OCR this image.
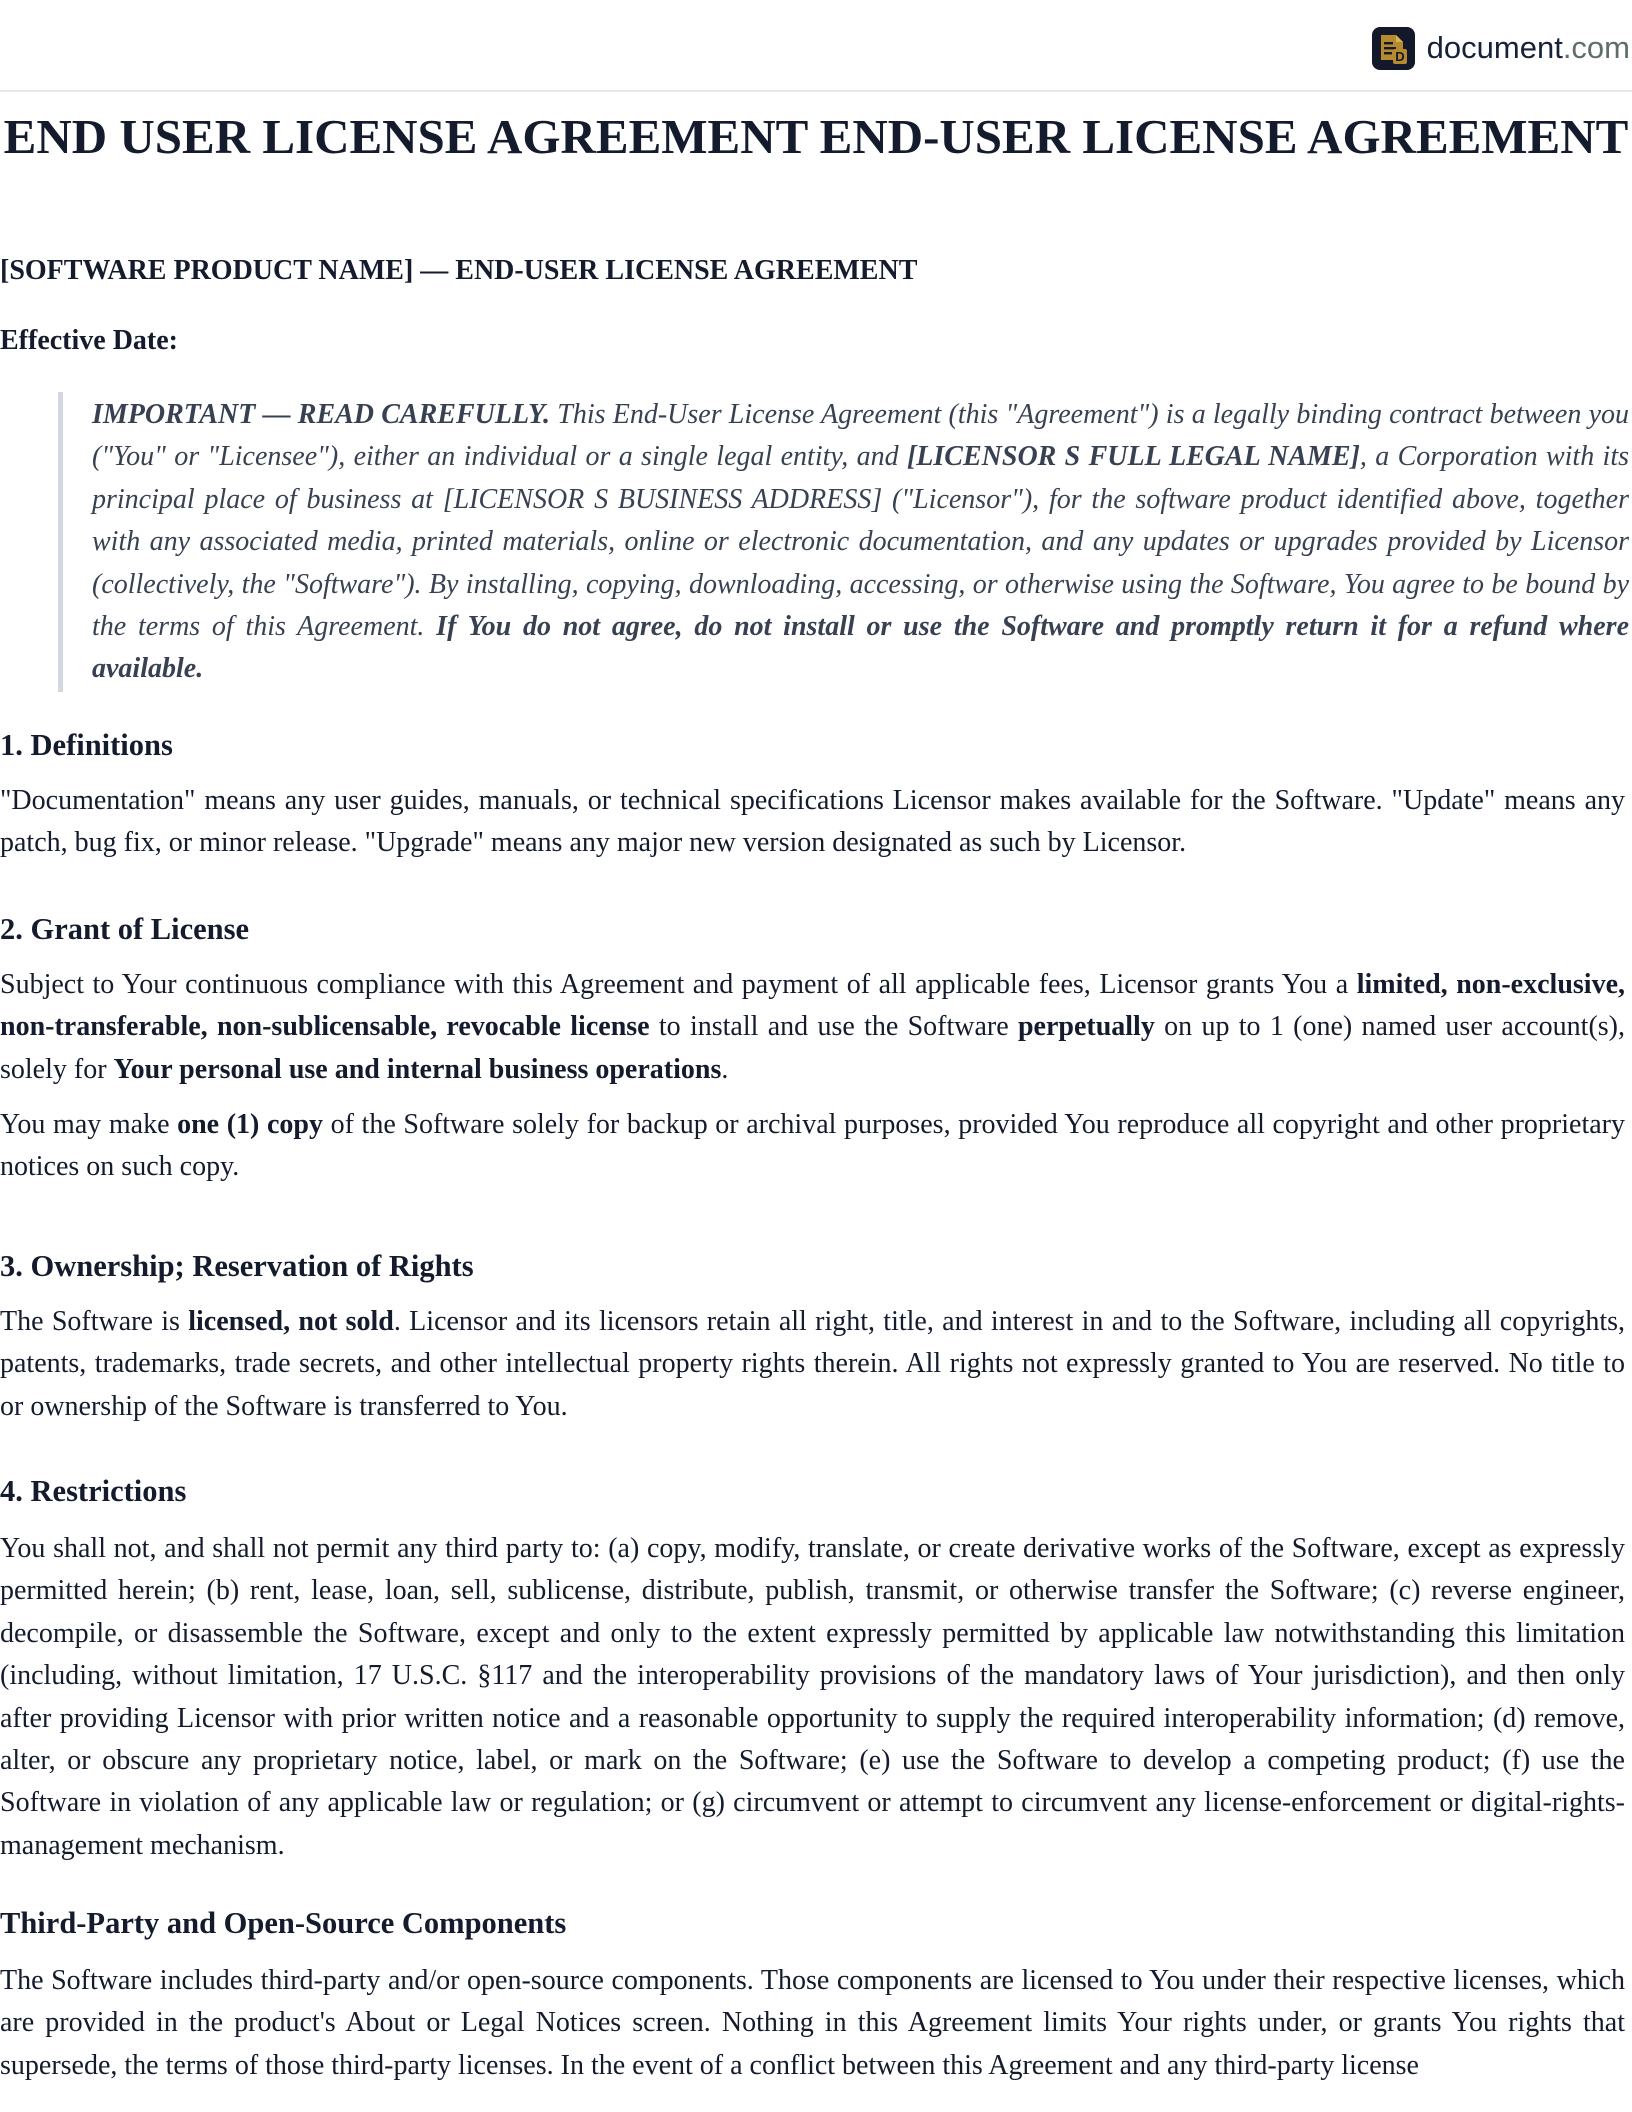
D document.com
END USER LICENSE AGREEMENT END-USER LICENSE AGREEMENT

[SOFTWARE PRODUCT NAME] — END-USER LICENSE AGREEMENT

Effective Date:

IMPORTANT — READ CAREFULLY. This End-User License Agreement (this "Agreement") is a legally binding contract between you ("You" or "Licensee"), either an individual or a single legal entity, and [LICENSOR S FULL LEGAL NAME], a Corporation with its principal place of business at [LICENSOR S BUSINESS ADDRESS] ("Licensor"), for the software product identified above, together with any associated media, printed materials, online or electronic documentation, and any updates or upgrades provided by Licensor (collectively, the "Software"). By installing, copying, downloading, accessing, or otherwise using the Software, You agree to be bound by the terms of this Agreement. If You do not agree, do not install or use the Software and promptly return it for a refund where available.

1. Definitions

"Documentation" means any user guides, manuals, or technical specifications Licensor makes available for the Software. "Update" means any patch, bug fix, or minor release. "Upgrade" means any major new version designated as such by Licensor.

2. Grant of License

Subject to Your continuous compliance with this Agreement and payment of all applicable fees, Licensor grants You a limited, non-exclusive, non-transferable, non-sublicensable, revocable license to install and use the Software perpetually on up to 1 (one) named user account(s), solely for Your personal use and internal business operations.

You may make one (1) copy of the Software solely for backup or archival purposes, provided You reproduce all copyright and other proprietary notices on such copy.

3. Ownership; Reservation of Rights

The Software is licensed, not sold. Licensor and its licensors retain all right, title, and interest in and to the Software, including all copyrights, patents, trademarks, trade secrets, and other intellectual property rights therein. All rights not expressly granted to You are reserved. No title to or ownership of the Software is transferred to You.

4. Restrictions

You shall not, and shall not permit any third party to: (a) copy, modify, translate, or create derivative works of the Software, except as expressly permitted herein; (b) rent, lease, loan, sell, sublicense, distribute, publish, transmit, or otherwise transfer the Software; (c) reverse engineer, decompile, or disassemble the Software, except and only to the extent expressly permitted by applicable law notwithstanding this limitation (including, without limitation, 17 U.S.C. §117 and the interoperability provisions of the mandatory laws of Your jurisdiction), and then only after providing Licensor with prior written notice and a reasonable opportunity to supply the required interoperability information; (d) remove, alter, or obscure any proprietary notice, label, or mark on the Software; (e) use the Software to develop a competing product; (f) use the Software in violation of any applicable law or regulation; or (g) circumvent or attempt to circumvent any license-enforcement or digital-rights-management mechanism.

Third-Party and Open-Source Components

The Software includes third-party and/or open-source components. Those components are licensed to You under their respective licenses, which are provided in the product's About or Legal Notices screen. Nothing in this Agreement limits Your rights under, or grants You rights that supersede, the terms of those third-party licenses. In the event of a conflict between this Agreement and any third-party license
